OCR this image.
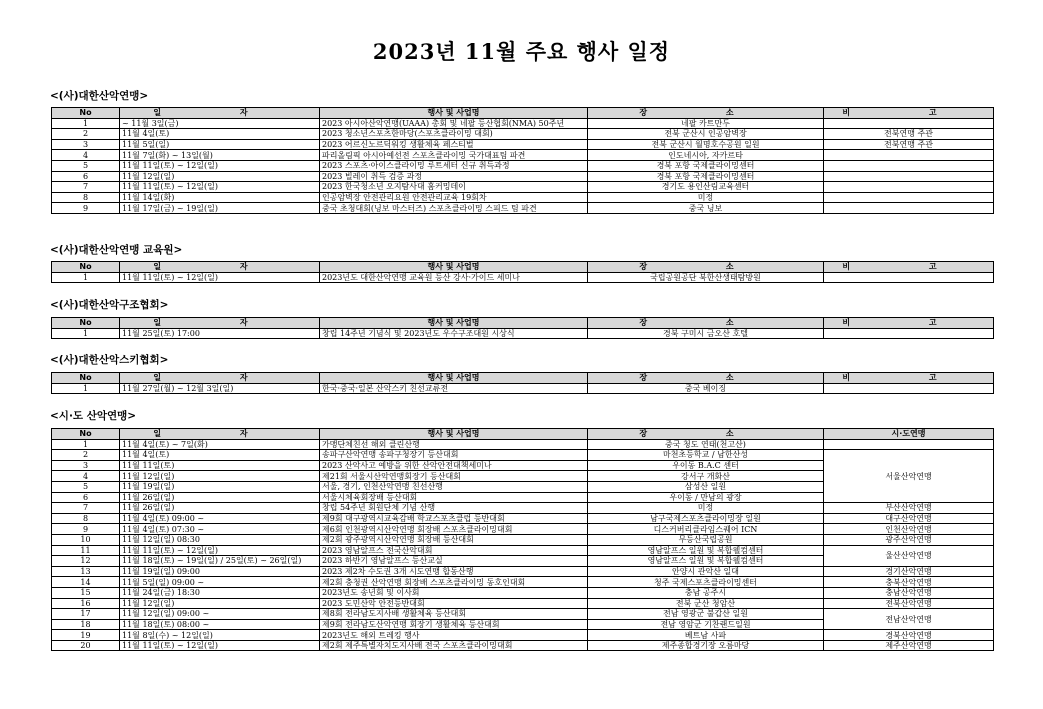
2023년 11월 주요 행사 일정
<(사)대한산악연맹>
No	일 자	행사 및 사업명	장 소	비 고
1	~ 11월 3일(금)	2023 아시아산악연맹(UAAA) 총회 및 네팔 등산협회(NMA) 50주년	네팔 카트만두	
2	11월 4일(토)	2023 청소년스포츠한마당(스포츠클라이밍 대회)	전북 군산시 인공암벽장	전북연맹 주관
3	11월 5일(일)	2023 어르신노르딕워킹 생활체육 페스티벌	전북 군산시 월명호수공원 일원	전북연맹 주관
4	11월 7일(화) ~ 13일(월)	파리올림픽 아시아예선전 스포츠클라이밍 국가대표팀 파견	인도네시아, 자카르타	
5	11월 11일(토) ~ 12일(일)	2023 스포츠·아이스클라이밍 루트세터 신규 취득과정	경북 포항 국제클라이밍센터	
6	11월 12일(일)	2023 빌레이 취득 검증 과정	경북 포항 국제클라이밍센터	
7	11월 11일(토) ~ 12일(일)	2023 한국청소년 오지탐사대 홈커밍데이	경기도 용인산림교육센터	
8	11월 14일(화)	인공암벽장 안전관리요원 안전관리교육 19회차	미정	
9	11월 17일(금) ~ 19일(일)	중국 초청대회(닝보 마스터즈) 스포츠클라이밍 스피드 팀 파견	중국 닝보	
<(사)대한산악연맹 교육원>
No	일 자	행사 및 사업명	장 소	비 고
1	11월 11일(토) ~ 12일(일)	2023년도 대한산악연맹 교육원 등산 강사·가이드 세미나	국립공원공단 북한산생태탐방원	
<(사)대한산악구조협회>
No	일 자	행사 및 사업명	장 소	비 고
1	11월 25일(토) 17:00	창립 14주년 기념식 및 2023년도 우수구조대원 시상식	경북 구미시 금오산 호텔	
<(사)대한산악스키협회>
No	일 자	행사 및 사업명	장 소	비 고
1	11월 27일(월) ~ 12월 3일(일)	한국·중국·일본 산악스키 친선교류전	중국 베이징	
<시·도 산악연맹>
No	일 자	행사 및 사업명	장 소	시·도연맹
1	11월 4일(토) ~ 7일(화)	가맹단체친선 해외 클린산행	중국 청도 연태(천고산)	
2	11월 4일(토)	송파구산악연맹 송파구청장기 등산대회	마천초등학교 / 남한산성	서울산악연맹
3	11월 11일(토)	2023 산악사고 예방을 위한 산악안전대책세미나	우이동 B.A.C 센터	
4	11월 12일(일)	제21회 서울시산악연맹회장기 등산대회	강서구 개화산	
5	11월 19일(일)	서울, 경기, 인천산악연맹 친선산행	삼성산 일원	
6	11월 26일(일)	서울시체육회장배 등산대회	우이동 / 만남의 광장	
7	11월 26일(일)	창립 54주년 회원단체 기념 산행	미정	부산산악연맹
8	11월 4일(토) 09:00 ~	제9회 대구광역시교육감배 학교스포츠클럽 등반대회	남구국제스포츠클라이밍장 일원	대구산악연맹
9	11월 4일(토) 07:30 ~	제6회 인천광역시산악연맹 회장배 스포츠클라이밍대회	디스커버리클라임스퀘어 ICN	인천산악연맹
10	11월 12일(일) 08:30	제2회 광주광역시산악연맹 회장배 등산대회	무등산국립공원	광주산악연맹
11	11월 11일(토) ~ 12일(일)	2023 영남알프스 전국산악대회	영남알프스 일원 및 복합웰컴센터	울산산악연맹
12	11월 18일(토) ~ 19일(일) / 25일(토) ~ 26일(일)	2023 하반기 영남알프스 등산교실	영남알프스 일원 및 복합웰컴센터	
13	11월 19일(일) 09:00	2023 제2차 수도권 3개 시도연맹 합동산행	안양시 관악산 일대	경기산악연맹
14	11월 5일(일) 09:00 ~	제2회 충청권 산악연맹 회장배 스포츠클라이밍 동호인대회	청주 국제스포츠클라이밍센터	충북산악연맹
15	11월 24일(금) 18:30	2023년도 송년회 및 이사회	충남 공주시	충남산악연맹
16	11월 12일(일)	2023 도민산악 안전등반대회	전북 군산 청암산	전북산악연맹
17	11월 12일(일) 09:00 ~	제8회 전라남도지사배 생활체육 등산대회	전남 영광군 불갑산 일원	전남산악연맹
18	11월 18일(토) 08:00 ~	제9회 전라남도산악연맹 회장기 생활체육 등산대회	전남 영암군 기찬랜드일원	
19	11월 8일(수) ~ 12일(일)	2023년도 해외 트레킹 행사	베트남 사파	경북산악연맹
20	11월 11일(토) ~ 12일(일)	제2회 제주특별자치도지사배 전국 스포츠클라이밍대회	제주종합경기장 오름마당	제주산악연맹
